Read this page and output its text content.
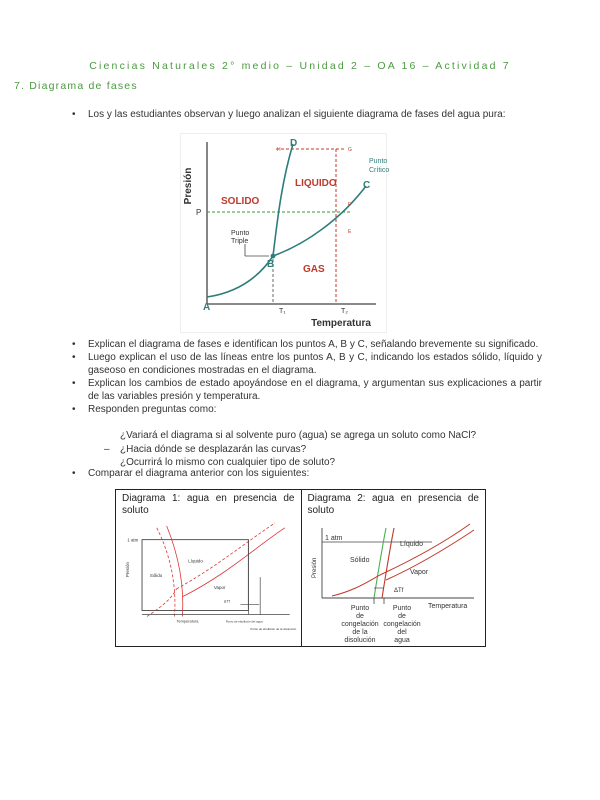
Ciencias Naturales 2° medio – Unidad 2 – OA 16 – Actividad 7
7. Diagrama de fases
• Los y las estudiantes observan y luego analizan el siguiente diagrama de fases del agua pura:
Presión
Temperatura
A
B
C
D
SOLIDO
LIQUIDO
GAS
Punto
Crítico
Punto
Triple
P
H	G
F
E
T₁	T₂
• Explican el diagrama de fases e identifican los puntos A, B y C, señalando brevemente su significado.
• Luego explican el uso de las líneas entre los puntos A, B y C, indicando los estados sólido, líquido y gaseoso en condiciones mostradas en el diagrama.
• Explican los cambios de estado apoyándose en el diagrama, y argumentan sus explicaciones a partir de las variables presión y temperatura.
• Responden preguntas como:
¿Variará el diagrama si al solvente puro (agua) se agrega un soluto como NaCl?
– ¿Hacia dónde se desplazarán las curvas?
¿Ocurrirá lo mismo con cualquier tipo de soluto?
• Comparar el diagrama anterior con los siguientes:
Diagrama 1: agua en presencia de soluto
1 atm
Presión
Líquido
Sólido
Vapor
ΔTf
Temperatura	Punto de ebullición del agua
Punto de ebullición de la disolución
Diagrama 2: agua en presencia de soluto
1 atm
Presión
Líquido
Sólido
Vapor
ΔTf
Temperatura
Punto
de
congelación
de la
disolución
Punto
de
congelación
del
agua
